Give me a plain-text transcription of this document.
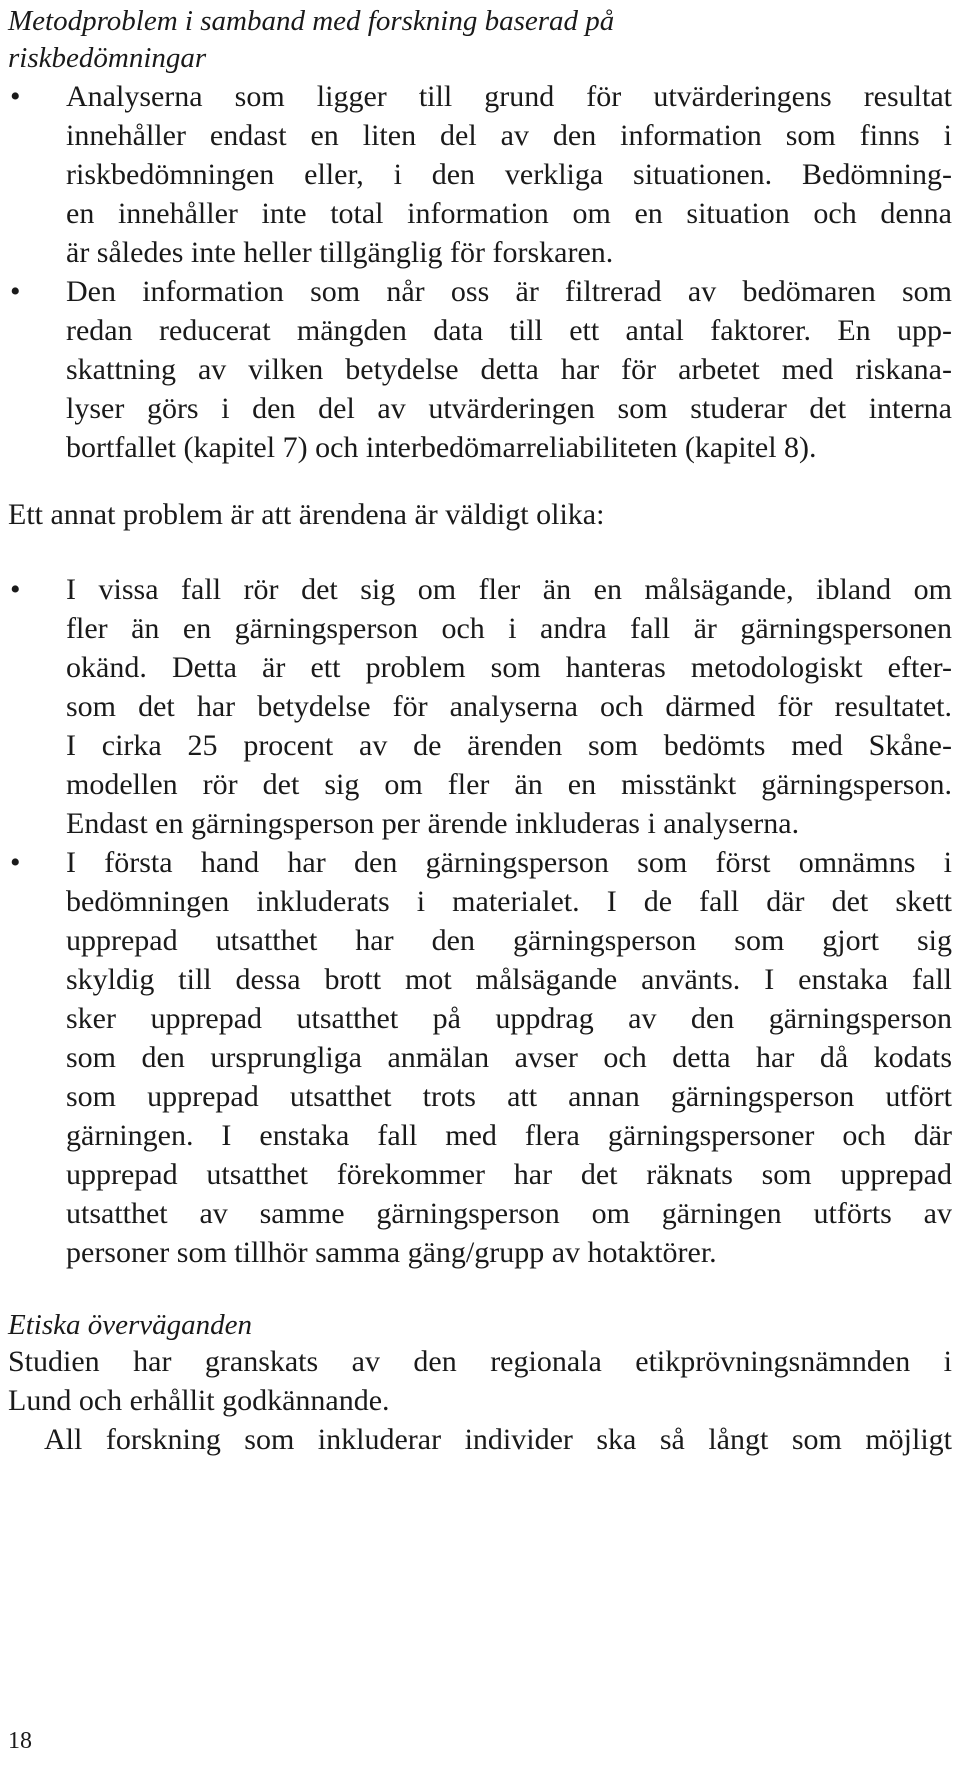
Metodproblem i samband med forskning baserad på

riskbedömningar

• Analyserna som ligger till grund för utvärderingens resultat

innehåller endast en liten del av den information som finns i

riskbedömningen eller, i den verkliga situationen. Bedömning-

en innehåller inte total information om en situation och denna

är således inte heller tillgänglig för forskaren.

• Den information som når oss är filtrerad av bedömaren som

redan reducerat mängden data till ett antal faktorer. En upp-

skattning av vilken betydelse detta har för arbetet med riskana-

lyser görs i den del av utvärderingen som studerar det interna

bortfallet (kapitel 7) och interbedömarreliabiliteten (kapitel 8).

Ett annat problem är att ärendena är väldigt olika:

• I vissa fall rör det sig om fler än en målsägande, ibland om

fler än en gärningsperson och i andra fall är gärningspersonen

okänd. Detta är ett problem som hanteras metodologiskt efter-

som det har betydelse för analyserna och därmed för resultatet.

I cirka 25 procent av de ärenden som bedömts med Skåne-

modellen rör det sig om fler än en misstänkt gärningsperson.

Endast en gärningsperson per ärende inkluderas i analyserna.

• I första hand har den gärningsperson som först omnämns i

bedömningen inkluderats i materialet. I de fall där det skett

upprepad utsatthet har den gärningsperson som gjort sig

skyldig till dessa brott mot målsägande använts. I enstaka fall

sker upprepad utsatthet på uppdrag av den gärningsperson

som den ursprungliga anmälan avser och detta har då kodats

som upprepad utsatthet trots att annan gärningsperson utfört

gärningen. I enstaka fall med flera gärningspersoner och där

upprepad utsatthet förekommer har det räknats som upprepad

utsatthet av samme gärningsperson om gärningen utförts av

personer som tillhör samma gäng/grupp av hotaktörer.

Etiska överväganden

Studien har granskats av den regionala etikprövningsnämnden i

Lund och erhållit godkännande.

All forskning som inkluderar individer ska så långt som möjligt

18
